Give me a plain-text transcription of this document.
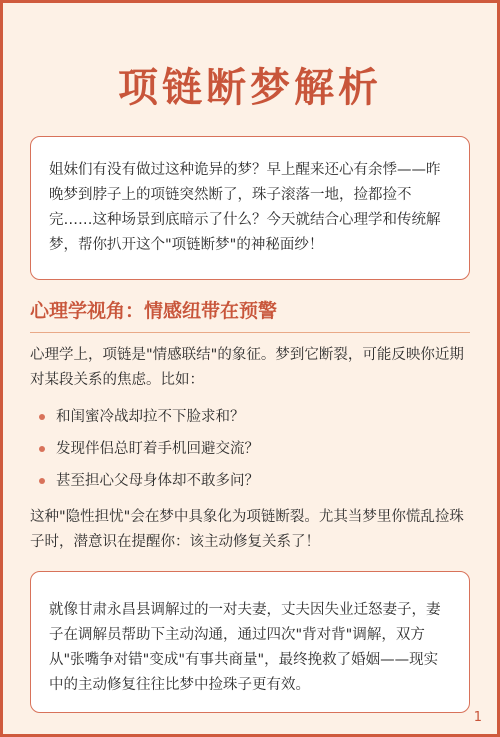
项链断梦解析
姐妹们有没有做过这种诡异的梦？早上醒来还心有余悸——昨晚梦到脖子上的项链突然断了，珠子滚落一地，捡都捡不完……这种场景到底暗示了什么？今天就结合心理学和传统解梦，帮你扒开这个"项链断梦"的神秘面纱！
心理学视角：情感纽带在预警

心理学上，项链是"情感联结"的象征。梦到它断裂，可能反映你近期对某段关系的焦虑。比如：

和闺蜜冷战却拉不下脸求和？
发现伴侣总盯着手机回避交流？
甚至担心父母身体却不敢多问？

这种"隐性担忧"会在梦中具象化为项链断裂。尤其当梦里你慌乱捡珠子时，潜意识在提醒你：该主动修复关系了！

就像甘肃永昌县调解过的一对夫妻，丈夫因失业迁怒妻子，妻子在调解员帮助下主动沟通，通过四次"背对背"调解，双方从"张嘴争对错"变成"有事共商量"，最终挽救了婚姻——现实中的主动修复往往比梦中捡珠子更有效。
1
